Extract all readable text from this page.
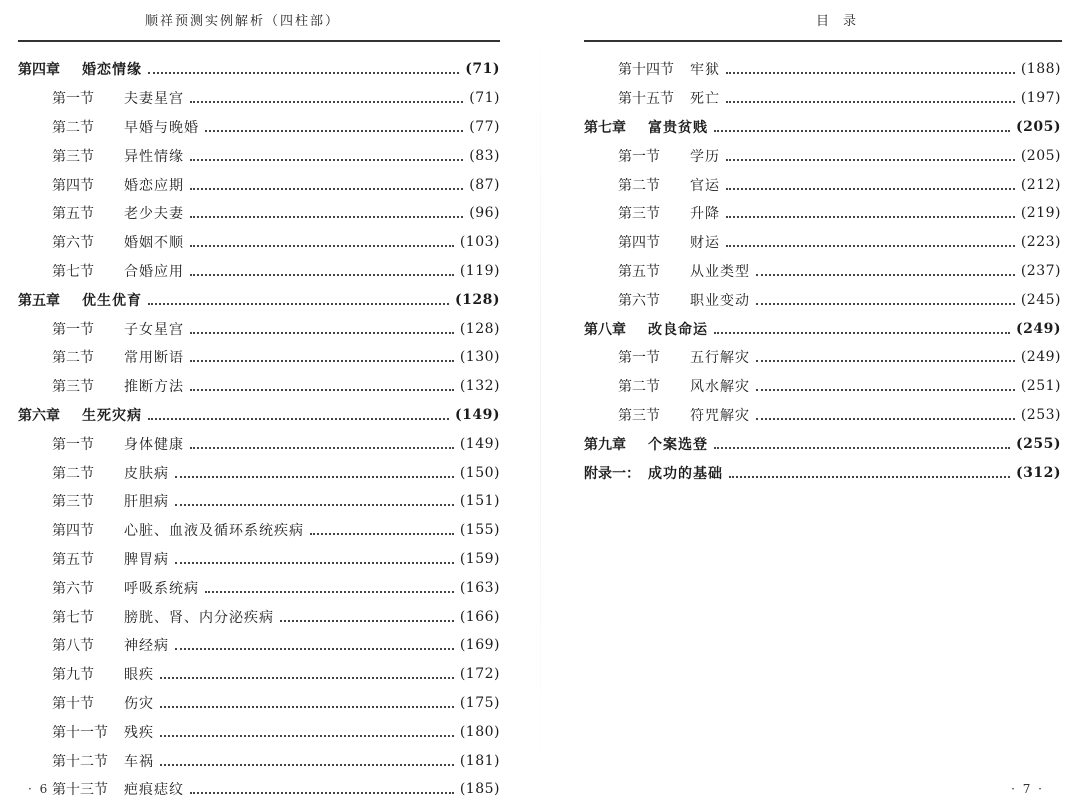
顺祥预测实例解析（四柱部）
第四章	婚恋情缘	(71)
第一节	夫妻星宫	(71)
第二节	早婚与晚婚	(77)
第三节	异性情缘	(83)
第四节	婚恋应期	(87)
第五节	老少夫妻	(96)
第六节	婚姻不顺	(103)
第七节	合婚应用	(119)
第五章	优生优育	(128)
第一节	子女星宫	(128)
第二节	常用断语	(130)
第三节	推断方法	(132)
第六章	生死灾病	(149)
第一节	身体健康	(149)
第二节	皮肤病	(150)
第三节	肝胆病	(151)
第四节	心脏、血液及循环系统疾病	(155)
第五节	脾胃病	(159)
第六节	呼吸系统病	(163)
第七节	膀胱、肾、内分泌疾病	(166)
第八节	神经病	(169)
第九节	眼疾	(172)
第十节	伤灾	(175)
第十一节	残疾	(180)
第十二节	车祸	(181)
第十三节	疤痕痣纹	(185)
· 6 ·
目录
第十四节	牢狱	(188)
第十五节	死亡	(197)
第七章	富贵贫贱	(205)
第一节	学历	(205)
第二节	官运	(212)
第三节	升降	(219)
第四节	财运	(223)
第五节	从业类型	(237)
第六节	职业变动	(245)
第八章	改良命运	(249)
第一节	五行解灾	(249)
第二节	风水解灾	(251)
第三节	符咒解灾	(253)
第九章	个案选登	(255)
附录一： 成功的基础	(312)
· 7 ·
